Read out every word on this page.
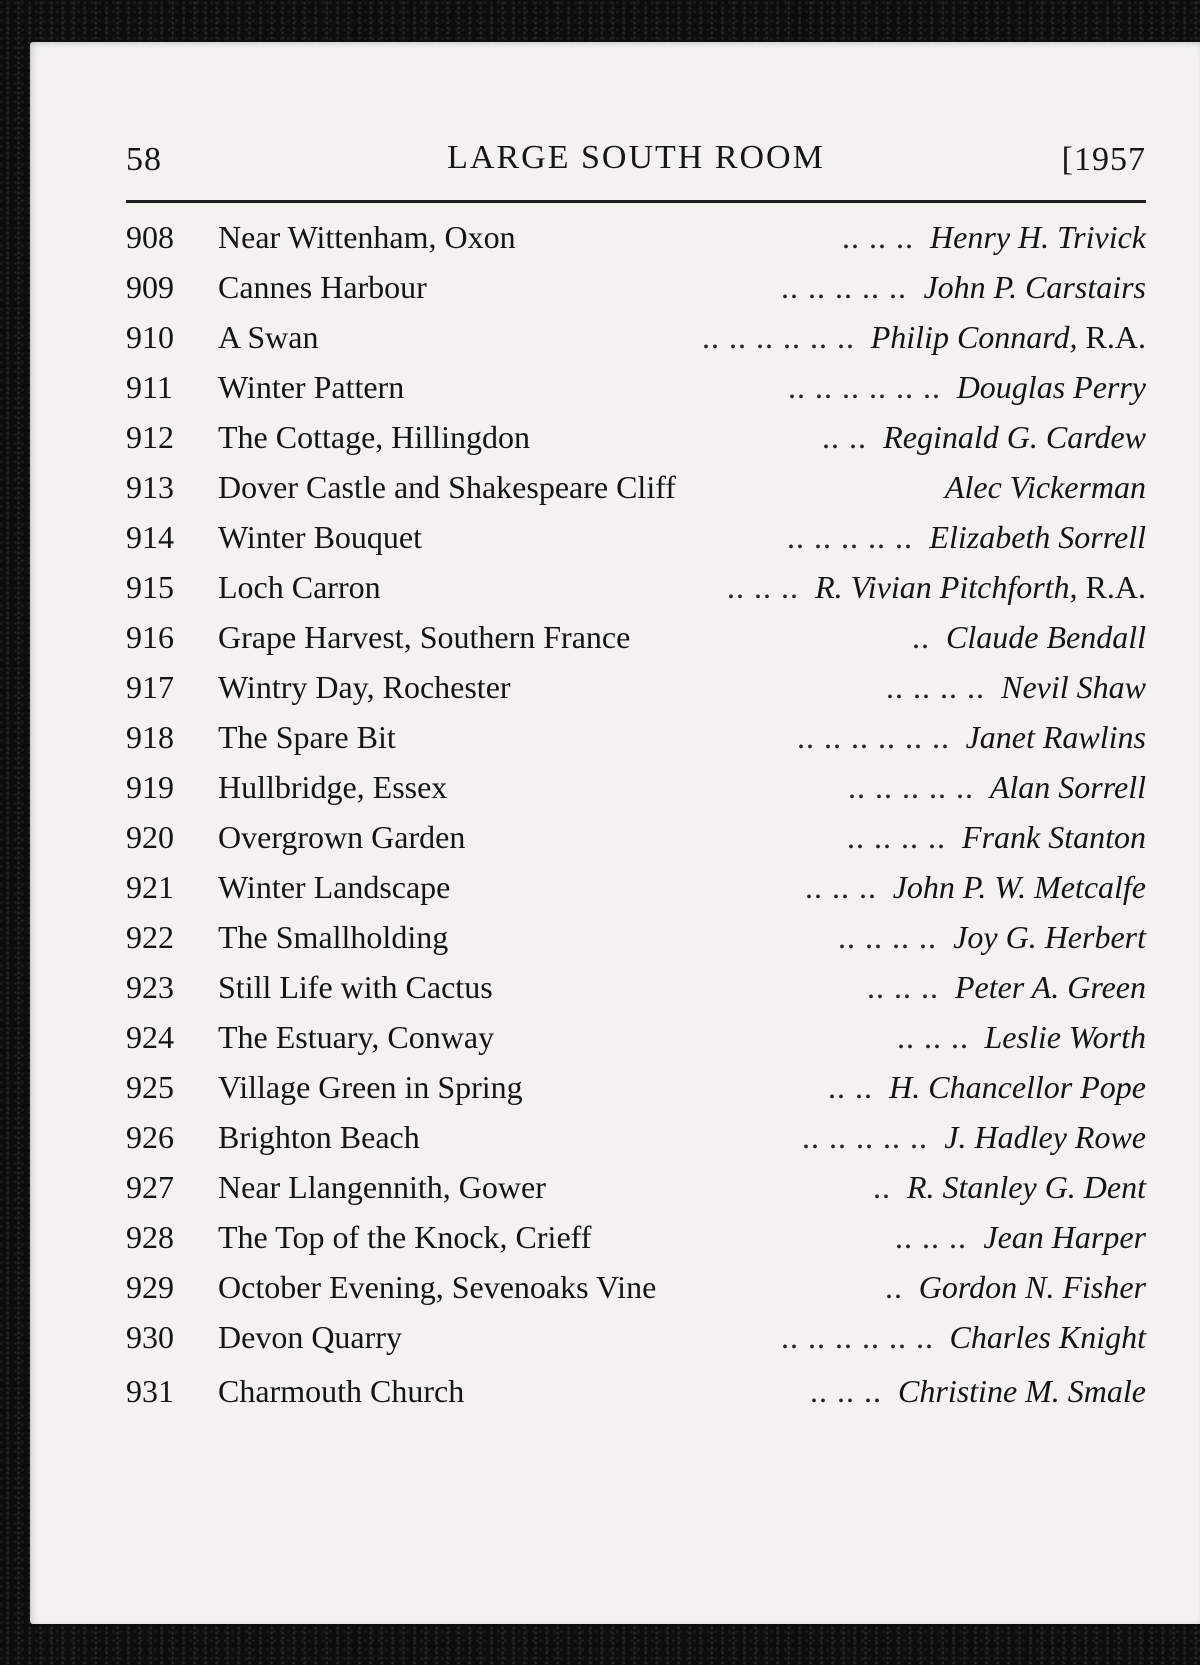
58	LARGE SOUTH ROOM	[1957
908	Near Wittenham, Oxon	.. .. .. Henry H. Trivick
909	Cannes Harbour	.. .. .. .. .. John P. Carstairs
910	A Swan	.. .. .. .. .. .. Philip Connard, R.A.
911	Winter Pattern	.. .. .. .. .. .. Douglas Perry
912	The Cottage, Hillingdon	.. .. Reginald G. Cardew
913	Dover Castle and Shakespeare Cliff	Alec Vickerman
914	Winter Bouquet	.. .. .. .. .. Elizabeth Sorrell
915	Loch Carron	.. .. .. R. Vivian Pitchforth, R.A.
916	Grape Harvest, Southern France	.. Claude Bendall
917	Wintry Day, Rochester	.. .. .. .. Nevil Shaw
918	The Spare Bit	.. .. .. .. .. .. Janet Rawlins
919	Hullbridge, Essex	.. .. .. .. .. Alan Sorrell
920	Overgrown Garden	.. .. .. .. Frank Stanton
921	Winter Landscape	.. .. .. John P. W. Metcalfe
922	The Smallholding	.. .. .. .. Joy G. Herbert
923	Still Life with Cactus	.. .. .. Peter A. Green
924	The Estuary, Conway	.. .. .. Leslie Worth
925	Village Green in Spring	.. .. H. Chancellor Pope
926	Brighton Beach	.. .. .. .. .. J. Hadley Rowe
927	Near Llangennith, Gower	.. R. Stanley G. Dent
928	The Top of the Knock, Crieff	.. .. .. Jean Harper
929	October Evening, Sevenoaks Vine	.. Gordon N. Fisher
930	Devon Quarry	.. .. .. .. .. .. Charles Knight
931	Charmouth Church	.. .. .. Christine M. Smale
